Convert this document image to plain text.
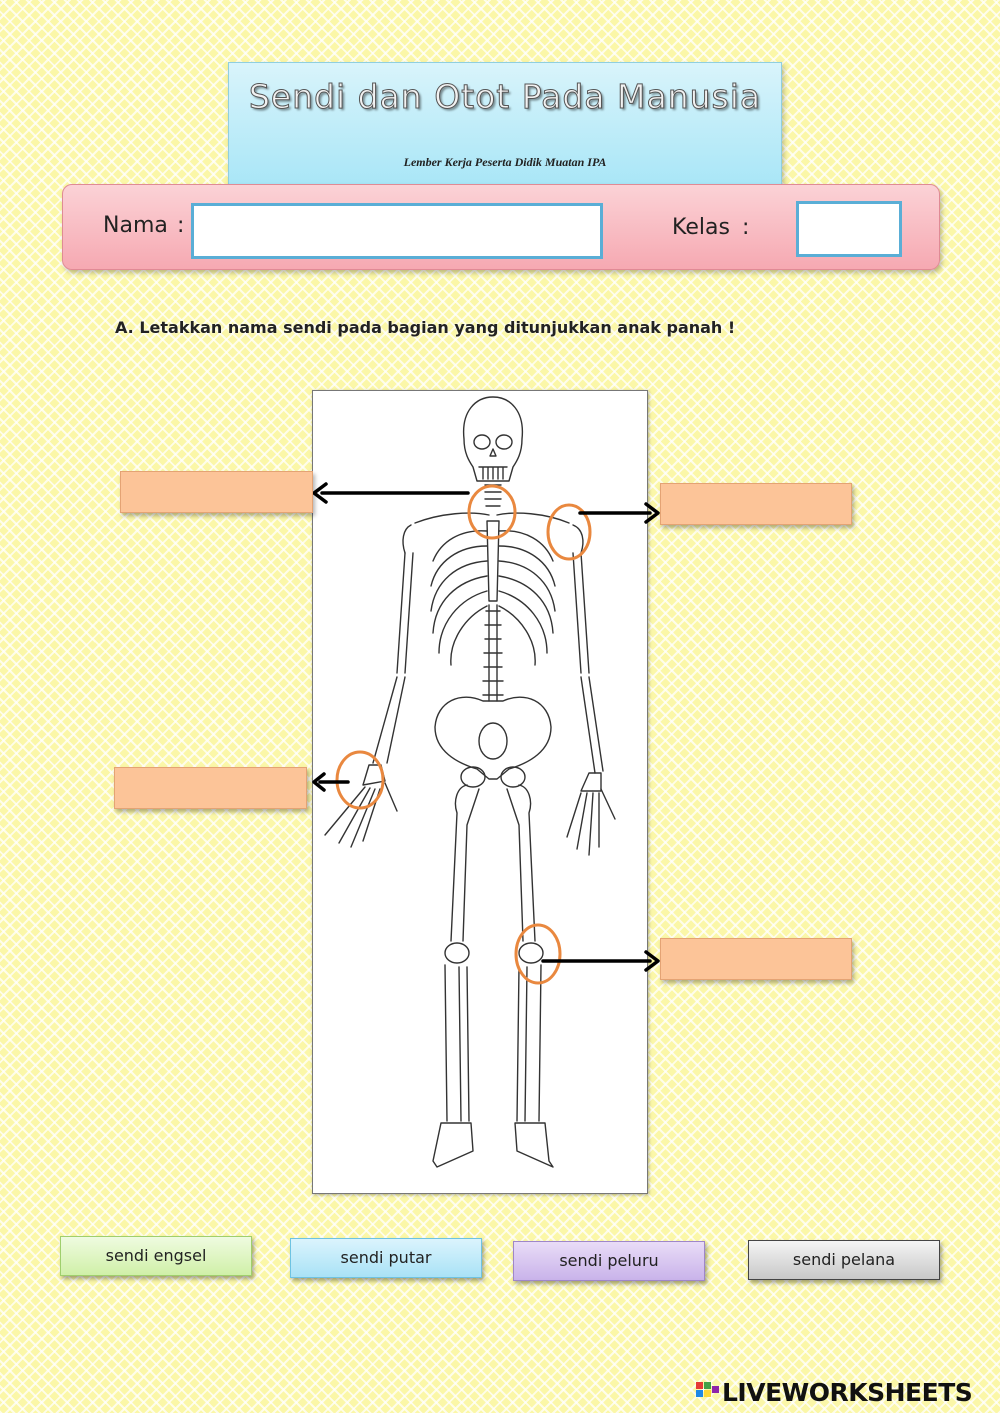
Sendi dan Otot Pada Manusia
Lember Kerja Peserta Didik Muatan IPA
Nama :	Kelas :
A. Letakkan nama sendi pada bagian yang ditunjukkan anak panah !
sendi engsel	sendi putar	sendi peluru	sendi pelana
LIVEWORKSHEETS
